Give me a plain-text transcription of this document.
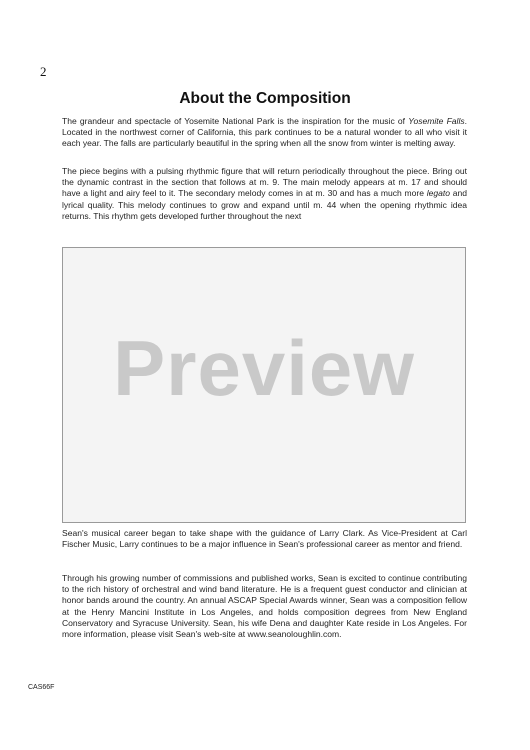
2
About the Composition

The grandeur and spectacle of Yosemite National Park is the inspiration for the music of Yosemite Falls. Located in the northwest corner of California, this park continues to be a natural wonder to all who visit it each year. The falls are particularly beautiful in the spring when all the snow from winter is melting away.

The piece begins with a pulsing rhythmic figure that will return periodically throughout the piece. Bring out the dynamic contrast in the section that follows at m. 9. The main melody appears at m. 17 and should have a light and airy feel to it. The secondary melody comes in at m. 30 and has a much more legato and lyrical quality. This melody continues to grow and expand until m. 44 when the opening rhythmic idea returns. This rhythm gets developed further throughout the next

Preview

Sean's musical career began to take shape with the guidance of Larry Clark. As Vice-President at Carl Fischer Music, Larry continues to be a major influence in Sean's professional career as mentor and friend.

Through his growing number of commissions and published works, Sean is excited to continue contributing to the rich history of orchestral and wind band literature. He is a frequent guest conductor and clinician at honor bands around the country. An annual ASCAP Special Awards winner, Sean was a composition fellow at the Henry Mancini Institute in Los Angeles, and holds composition degrees from New England Conservatory and Syracuse University. Sean, his wife Dena and daughter Kate reside in Los Angeles. For more information, please visit Sean's web-site at www.seanoloughlin.com.

CAS66F
